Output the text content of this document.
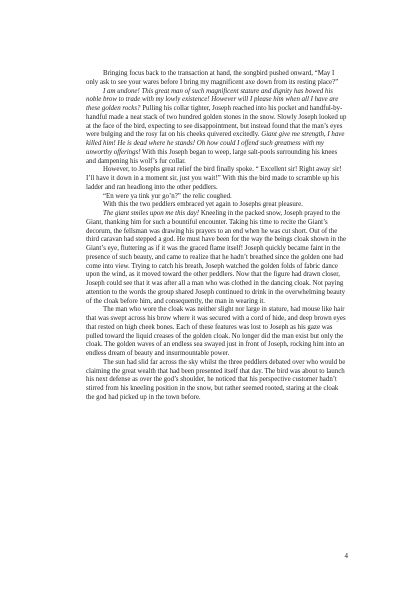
Bringing focus back to the transaction at hand, the songbird pushed onward, “May I only ask to see your wares before I bring my magnificent axe down from its resting place?”

I am undone! This great man of such magnificent stature and dignity has bowed his noble brow to trade with my lowly existence! However will I please him when all I have are these golden rocks? Pulling his collar tighter, Joseph reached into his pocket and handful-by-handful made a neat stack of two hundred golden stones in the snow. Slowly Joseph looked up at the face of the bird, expecting to see disappointment, but instead found that the man’s eyes were bulging and the rosy fat on his cheeks quivered excitedly. Giant give me strength, I have killed him! He is dead where he stands! Oh how could I offend such greatness with my unworthy offerings! With this Joseph began to weep, large salt-pools surrounding his knees and dampening his wolf’s fur collar.

However, to Josephs great relief the bird finally spoke. “ Excellent sir! Right away sir! I’ll have it down in a moment sir, just you wait!” With this the bird made to scramble up his ladder and ran headlong into the other peddlers.

“En were ya tink yur go’n?” the relic coughed.

With this the two peddlers embraced yet again to Josephs great pleasure.

The giant smiles upon me this day! Kneeling in the packed snow, Joseph prayed to the Giant, thanking him for such a bountiful encounter. Taking his time to recite the Giant’s decorum, the fellsman was drawing his prayers to an end when he was cut short. Out of the third caravan had stepped a god. He must have been for the way the beings cloak shown in the Giant’s eye, fluttering as if it was the graced flame itself! Joseph quickly became faint in the presence of such beauty, and came to realize that he hadn’t breathed since the golden one had come into view. Trying to catch his breath, Joseph watched the golden folds of fabric dance upon the wind, as it moved toward the other peddlers. Now that the figure had drawn closer, Joseph could see that it was after all a man who was clothed in the dancing cloak. Not paying attention to the words the group shared Joseph continued to drink in the overwhelming beauty of the cloak before him, and consequently, the man in wearing it.

The man who wore the cloak was neither slight nor large in stature, had mouse like hair that was swept across his brow where it was secured with a cord of hide, and deep brown eyes that rested on high cheek bones. Each of these features was lost to Joseph as his gaze was pulled toward the liquid creases of the golden cloak. No longer did the man exist but only the cloak. The golden waves of an endless sea swayed just in front of Joseph, rocking him into an endless dream of beauty and insurmountable power.

The sun had slid far across the sky whilst the three peddlers debated over who would be claiming the great wealth that had been presented itself that day. The bird was about to launch his next defense as over the god’s shoulder, he noticed that his perspective customer hadn’t stirred from his kneeling position in the snow, but rather seemed rooted, staring at the cloak the god had picked up in the town before.

4
